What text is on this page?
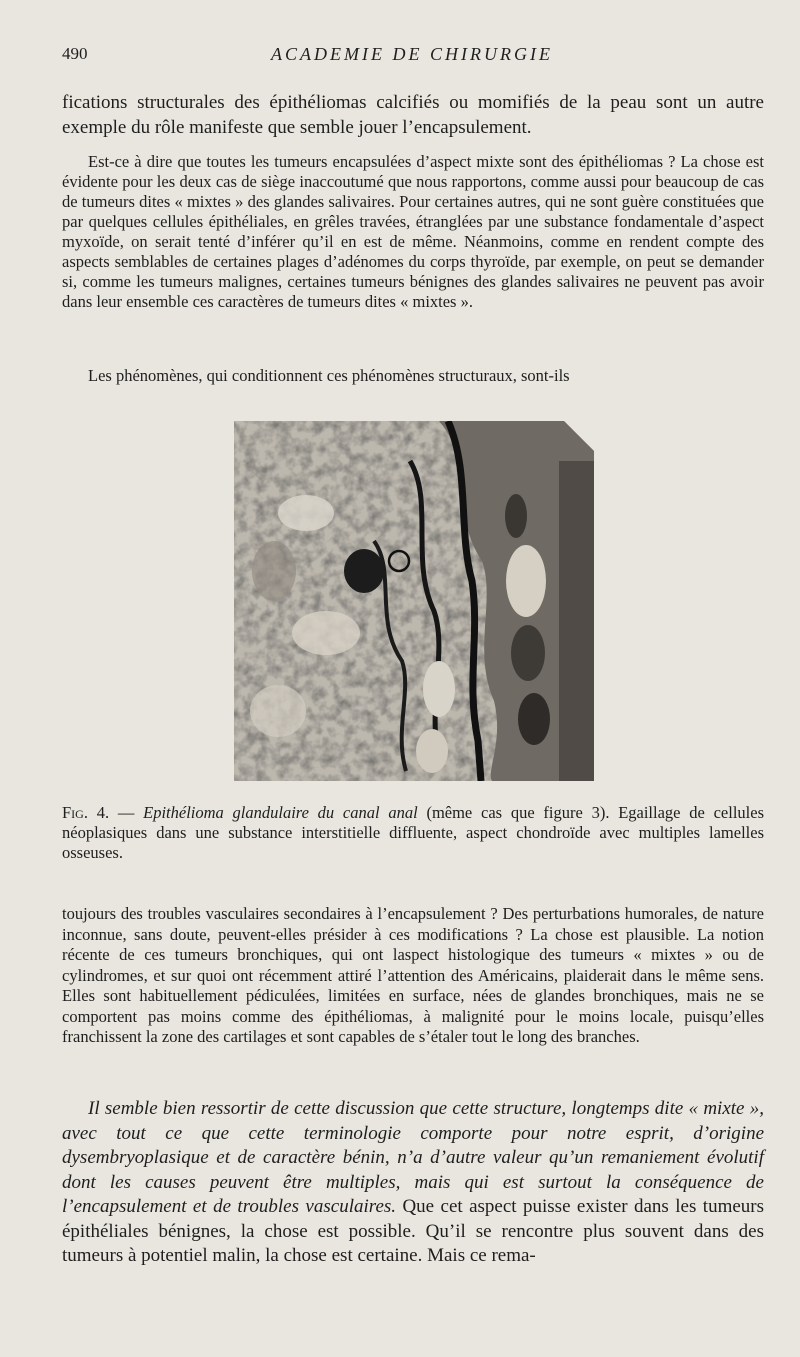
490	ACADEMIE DE CHIRURGIE

fications structurales des épithéliomas calcifiés ou momifiés de la peau sont un autre exemple du rôle manifeste que semble jouer l’encapsulement.

Est-ce à dire que toutes les tumeurs encapsulées d’aspect mixte sont des épithéliomas ? La chose est évidente pour les deux cas de siège inaccoutumé que nous rapportons, comme aussi pour beaucoup de cas de tumeurs dites « mixtes » des glandes salivaires. Pour certaines autres, qui ne sont guère constituées que par quelques cellules épithéliales, en grêles travées, étranglées par une substance fondamentale d’aspect myxoïde, on serait tenté d’inférer qu’il en est de même. Néanmoins, comme en rendent compte des aspects semblables de certaines plages d’adénomes du corps thyroïde, par exemple, on peut se demander si, comme les tumeurs malignes, certaines tumeurs bénignes des glandes salivaires ne peuvent pas avoir dans leur ensemble ces caractères de tumeurs dites « mixtes ».

Les phénomènes, qui conditionnent ces phénomènes structuraux, sont-ils

Fig. 4. — Epithélioma glandulaire du canal anal (même cas que figure 3). Egaillage de cellules néoplasiques dans une substance interstitielle diffluente, aspect chondroïde avec multiples lamelles osseuses.

toujours des troubles vasculaires secondaires à l’encapsulement ? Des perturbations humorales, de nature inconnue, sans doute, peuvent-elles présider à ces modifications ? La chose est plausible. La notion récente de ces tumeurs bronchiques, qui ont laspect histologique des tumeurs « mixtes » ou de cylindromes, et sur quoi ont récemment attiré l’attention des Américains, plaiderait dans le même sens. Elles sont habituellement pédiculées, limitées en surface, nées de glandes bronchiques, mais ne se comportent pas moins comme des épithéliomas, à malignité pour le moins locale, puisqu’elles franchissent la zone des cartilages et sont capables de s’étaler tout le long des branches.

Il semble bien ressortir de cette discussion que cette structure, longtemps dite « mixte », avec tout ce que cette terminologie comporte pour notre esprit, d’origine dysembryoplasique et de caractère bénin, n’a d’autre valeur qu’un remaniement évolutif dont les causes peuvent être multiples, mais qui est surtout la conséquence de l’encapsulement et de troubles vasculaires. Que cet aspect puisse exister dans les tumeurs épithéliales bénignes, la chose est possible. Qu’il se rencontre plus souvent dans des tumeurs à potentiel malin, la chose est certaine. Mais ce rema-
